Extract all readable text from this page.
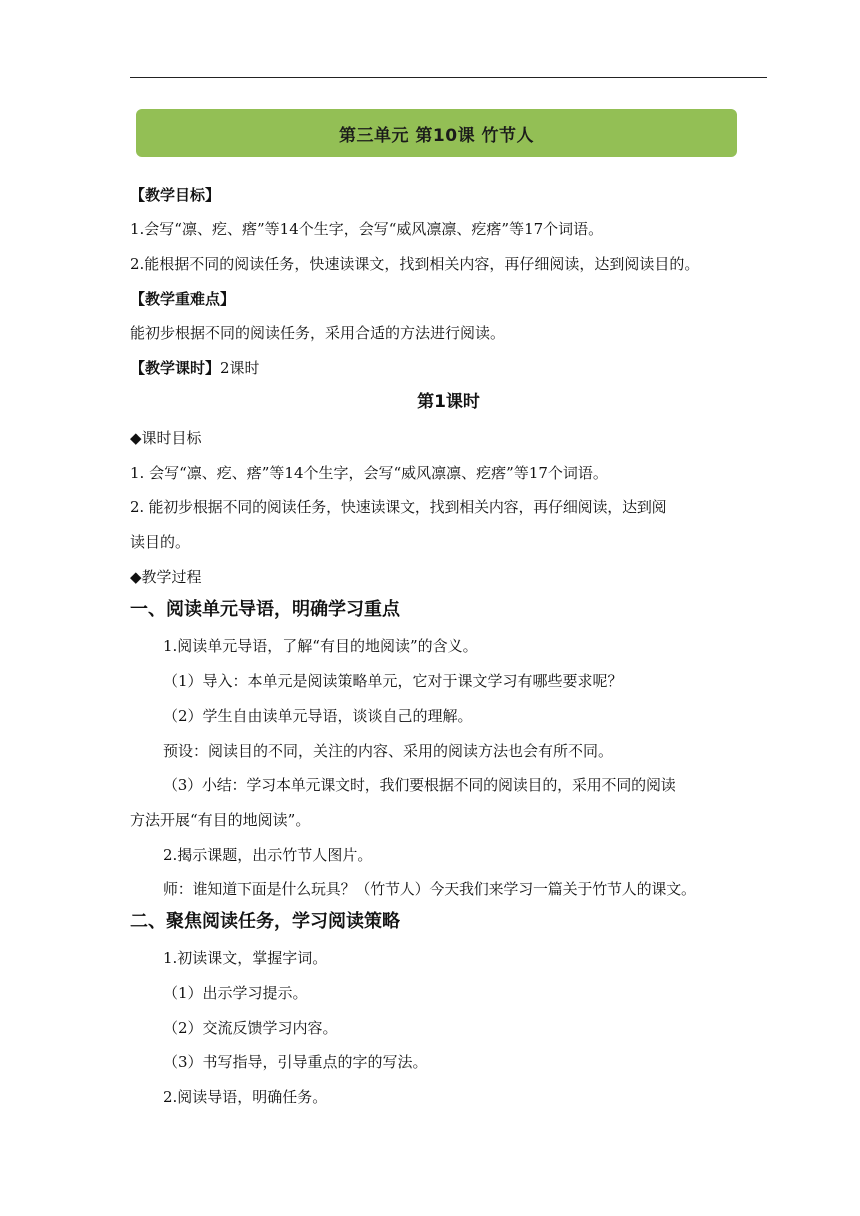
第三单元 第10课 竹节人
【教学目标】
1.会写“凛、疙、瘩”等14个生字，会写“威风凛凛、疙瘩”等17个词语。
2.能根据不同的阅读任务，快速读课文，找到相关内容，再仔细阅读，达到阅读目的。
【教学重难点】
能初步根据不同的阅读任务，采用合适的方法进行阅读。
【教学课时】2课时
第1课时
◆课时目标
1. 会写“凛、疙、瘩”等14个生字，会写“威风凛凛、疙瘩”等17个词语。
2. 能初步根据不同的阅读任务，快速读课文，找到相关内容，再仔细阅读，达到阅
读目的。
◆教学过程
一、阅读单元导语，明确学习重点
1.阅读单元导语，了解“有目的地阅读”的含义。
（1）导入：本单元是阅读策略单元，它对于课文学习有哪些要求呢？
（2）学生自由读单元导语，谈谈自己的理解。
预设：阅读目的不同，关注的内容、采用的阅读方法也会有所不同。
（3）小结：学习本单元课文时，我们要根据不同的阅读目的，采用不同的阅读
方法开展“有目的地阅读”。
2.揭示课题，出示竹节人图片。
师：谁知道下面是什么玩具？（竹节人）今天我们来学习一篇关于竹节人的课文。
二、聚焦阅读任务，学习阅读策略
1.初读课文，掌握字词。
（1）出示学习提示。
（2）交流反馈学习内容。
（3）书写指导，引导重点的字的写法。
2.阅读导语，明确任务。
